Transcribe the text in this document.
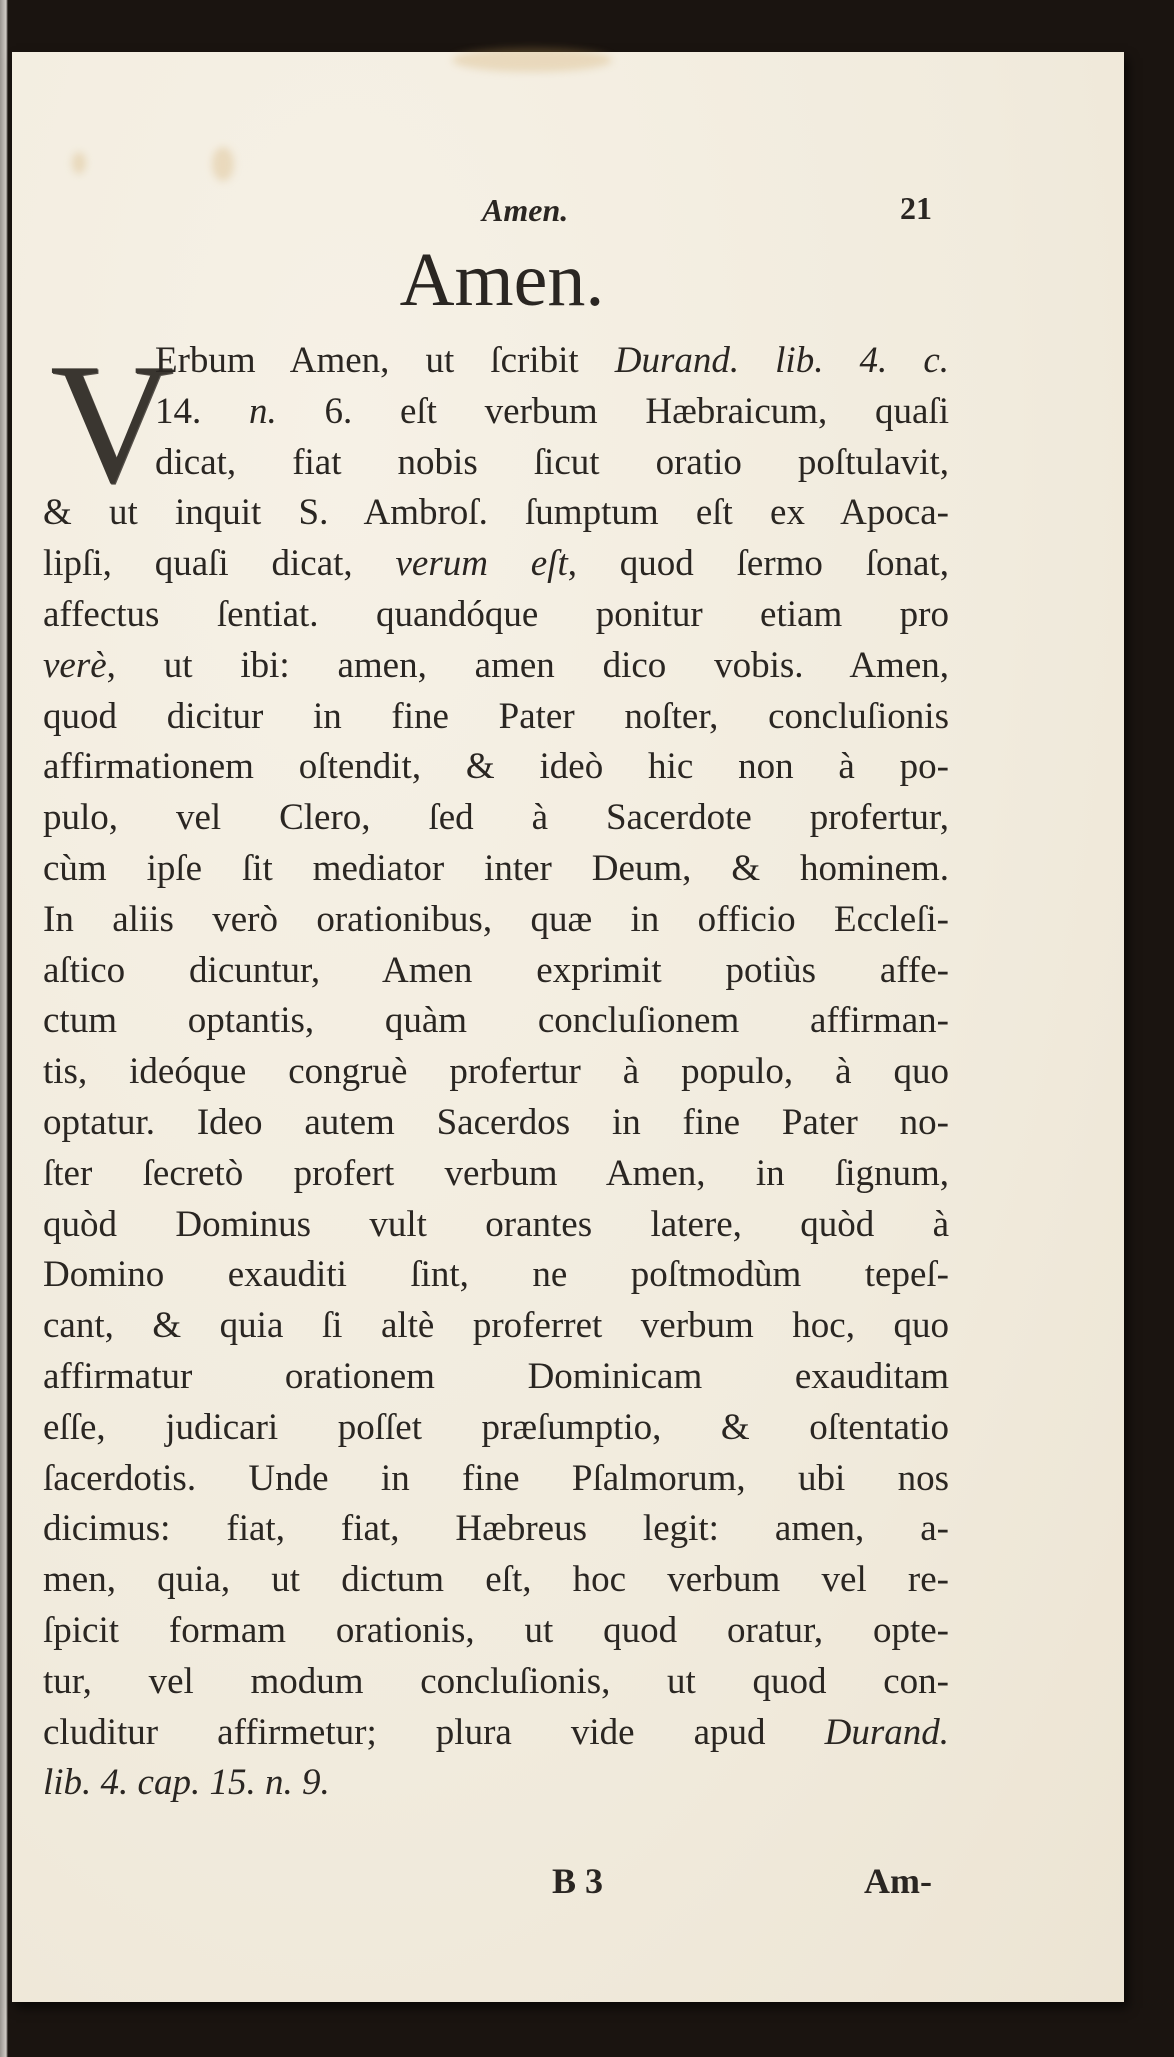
Amen.	21
Amen.
V
Erbum Amen, ut ſcribit Durand. lib. 4. c.
14. n. 6. eſt verbum Hæbraicum, quaſi
dicat, fiat nobis ſicut oratio poſtulavit,
& ut inquit S. Ambroſ. ſumptum eſt ex Apoca-
lipſi, quaſi dicat, verum eſt, quod ſermo ſonat,
affectus ſentiat. quandóque ponitur etiam pro
verè, ut ibi: amen, amen dico vobis. Amen,
quod dicitur in fine Pater noſter, concluſionis
affirmationem oſtendit, & ideò hic non à po-
pulo, vel Clero, ſed à Sacerdote profertur,
cùm ipſe ſit mediator inter Deum, & hominem.
In aliis verò orationibus, quæ in officio Eccleſi-
aſtico dicuntur, Amen exprimit potiùs affe-
ctum optantis, quàm concluſionem affirman-
tis, ideóque congruè profertur à populo, à quo
optatur. Ideo autem Sacerdos in fine Pater no-
ſter ſecretò profert verbum Amen, in ſignum,
quòd Dominus vult orantes latere, quòd à
Domino exauditi ſint, ne poſtmodùm tepeſ-
cant, & quia ſi altè proferret verbum hoc, quo
affirmatur orationem Dominicam exauditam
eſſe, judicari poſſet præſumptio, & oſtentatio
ſacerdotis. Unde in fine Pſalmorum, ubi nos
dicimus: fiat, fiat, Hæbreus legit: amen, a-
men, quia, ut dictum eſt, hoc verbum vel re-
ſpicit formam orationis, ut quod oratur, opte-
tur, vel modum concluſionis, ut quod con-
cluditur affirmetur; plura vide apud Durand.
lib. 4. cap. 15. n. 9.
B 3	Am-
